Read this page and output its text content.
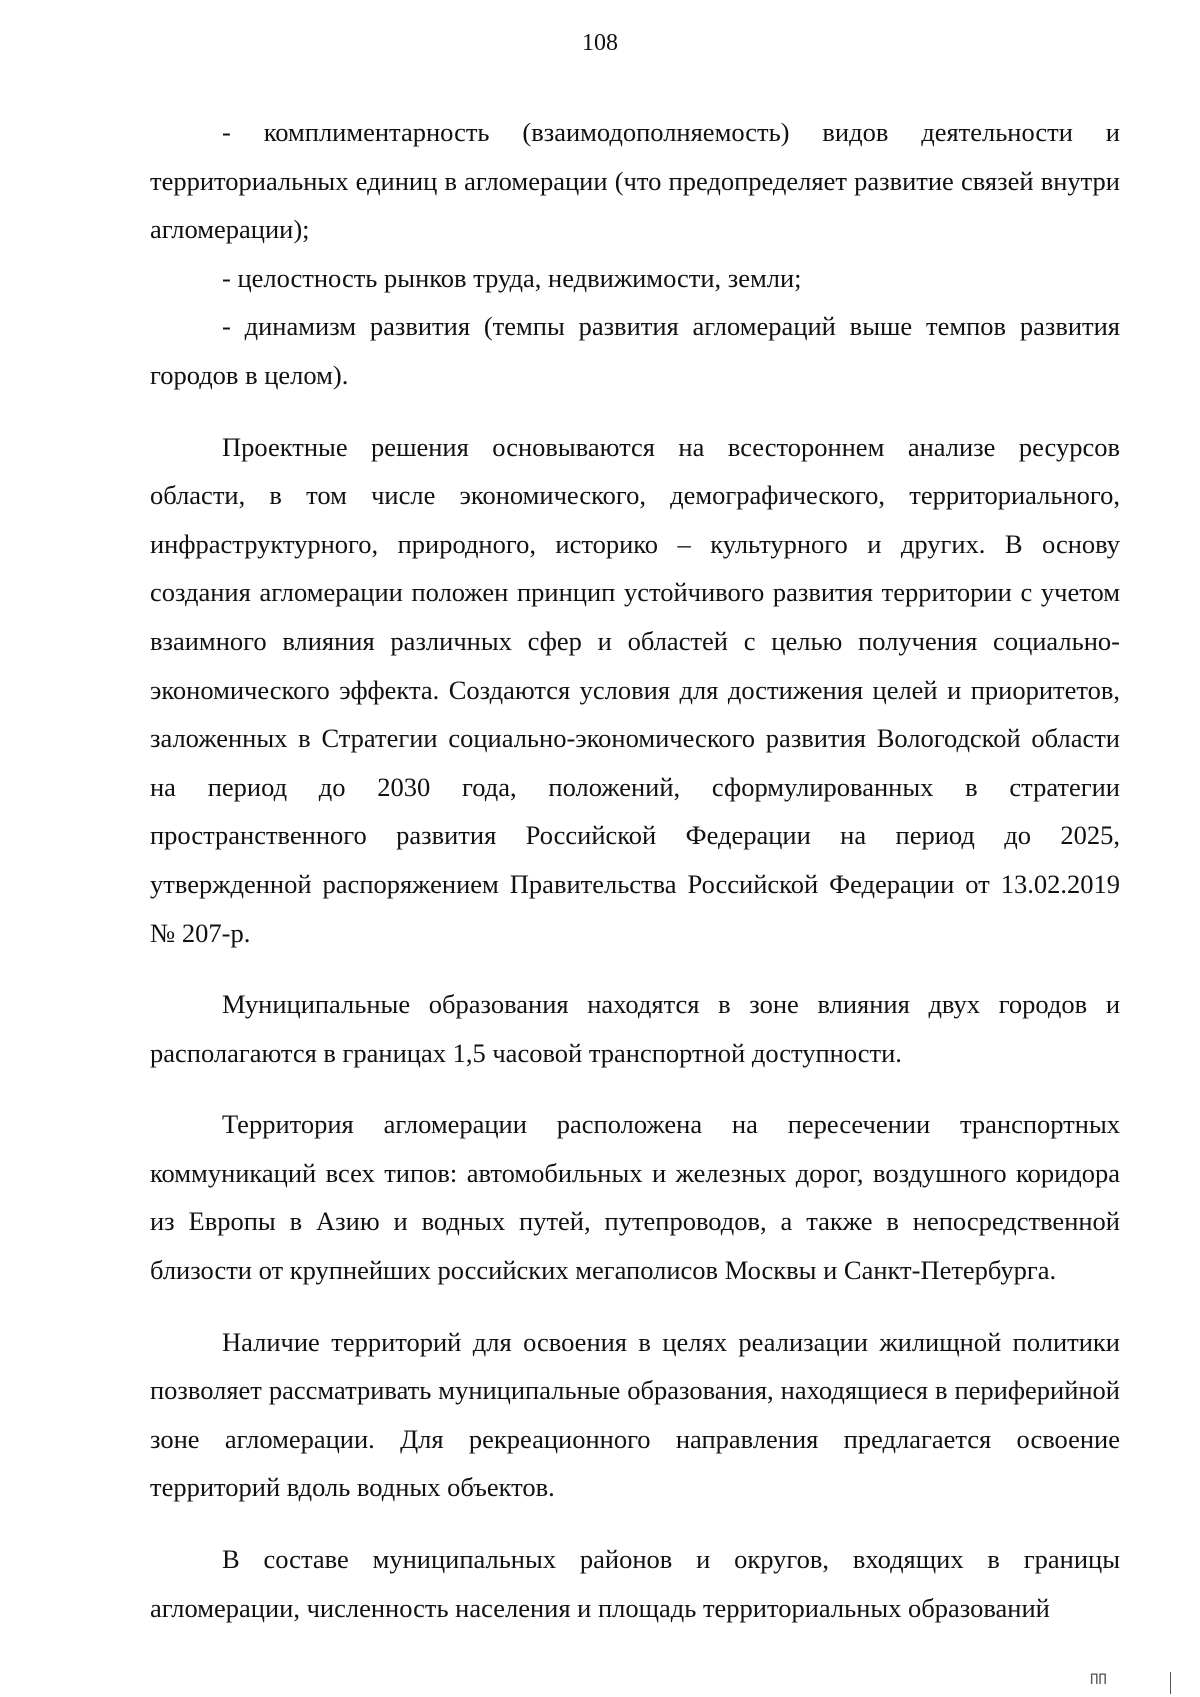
108

- комплиментарность (взаимодополняемость) видов деятельности и территориальных единиц в агломерации (что предопределяет развитие связей внутри агломерации);

- целостность рынков труда, недвижимости, земли;

- динамизм развития (темпы развития агломераций выше темпов развития городов в целом).

Проектные решения основываются на всестороннем анализе ресурсов области, в том числе экономического, демографического, территориального, инфраструктурного, природного, историко – культурного и других. В основу создания агломерации положен принцип устойчивого развития территории с учетом взаимного влияния различных сфер и областей с целью получения социально-экономического эффекта. Создаются условия для достижения целей и приоритетов, заложенных в Стратегии социально-экономического развития Вологодской области на период до 2030 года, положений, сформулированных в стратегии пространственного развития Российской Федерации на период до 2025, утвержденной распоряжением Правительства Российской Федерации от 13.02.2019 № 207-р.

Муниципальные образования находятся в зоне влияния двух городов и располагаются в границах 1,5 часовой транспортной доступности.

Территория агломерации расположена на пересечении транспортных коммуникаций всех типов: автомобильных и железных дорог, воздушного коридора из Европы в Азию и водных путей, путепроводов, а также в непосредственной близости от крупнейших российских мегаполисов Москвы и Санкт-Петербурга.

Наличие территорий для освоения в целях реализации жилищной политики позволяет рассматривать муниципальные образования, находящиеся в периферийной зоне агломерации. Для рекреационного направления предлагается освоение территорий вдоль водных объектов.

В составе муниципальных районов и округов, входящих в границы агломерации, численность населения и площадь территориальных образований

ΠΠ
